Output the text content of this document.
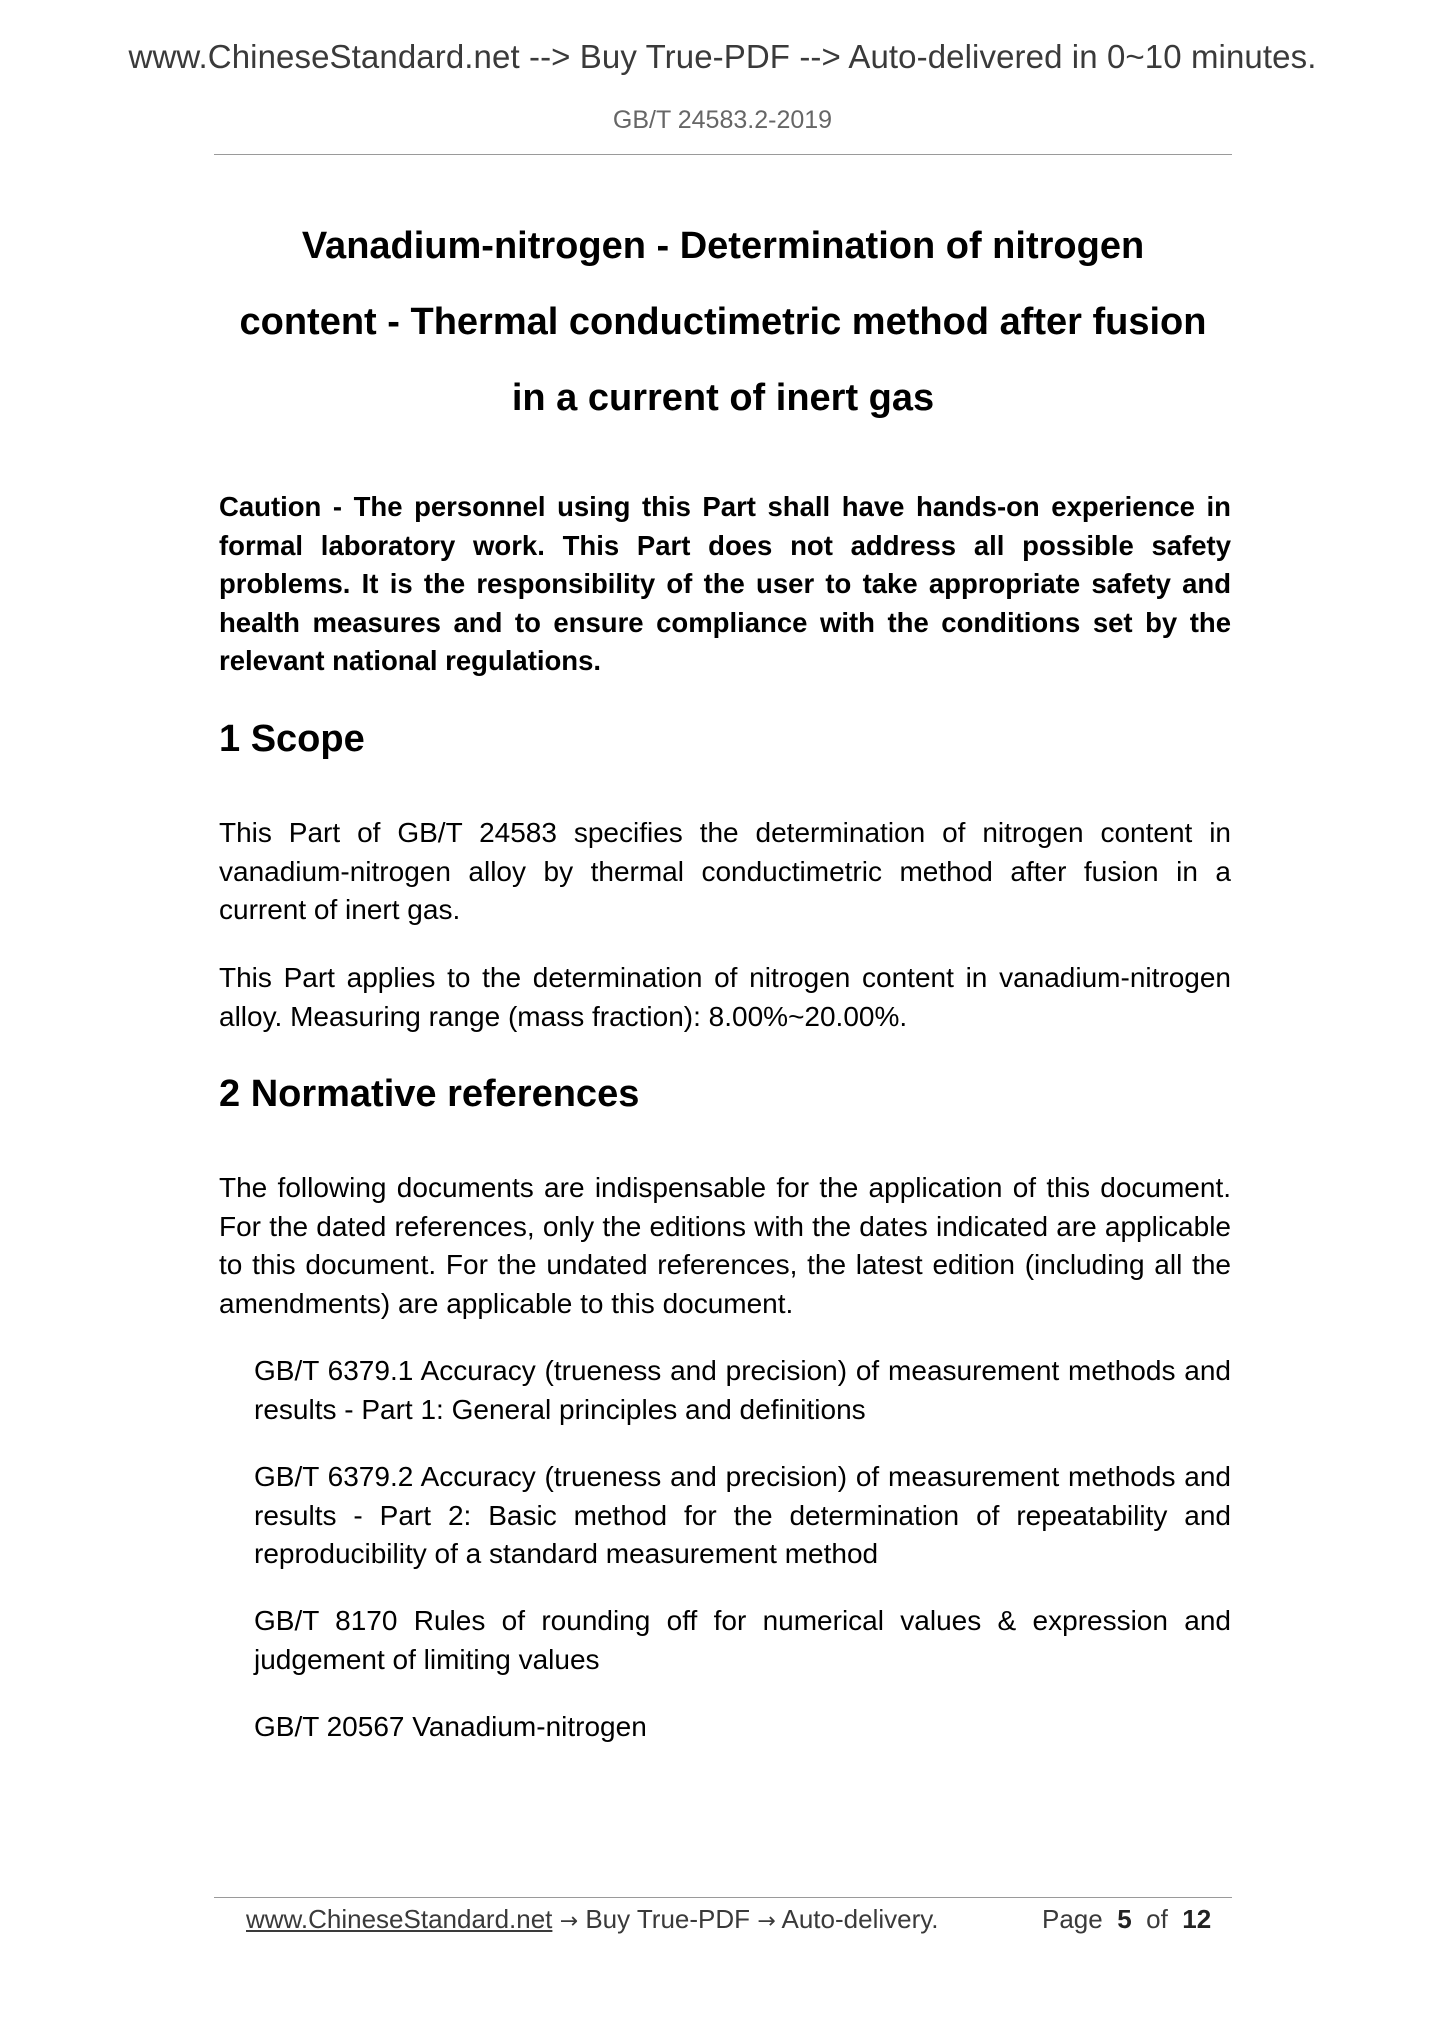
www.ChineseStandard.net --> Buy True-PDF --> Auto-delivered in 0~10 minutes.
GB/T 24583.2-2019
Vanadium-nitrogen - Determination of nitrogen
content - Thermal conductimetric method after fusion
in a current of inert gas

Caution - The personnel using this Part shall have hands-on experience in formal laboratory work. This Part does not address all possible safety problems. It is the responsibility of the user to take appropriate safety and health measures and to ensure compliance with the conditions set by the relevant national regulations.

1 Scope

This Part of GB/T 24583 specifies the determination of nitrogen content in vanadium-nitrogen alloy by thermal conductimetric method after fusion in a current of inert gas.

This Part applies to the determination of nitrogen content in vanadium-nitrogen alloy. Measuring range (mass fraction): 8.00%~20.00%.

2 Normative references

The following documents are indispensable for the application of this document. For the dated references, only the editions with the dates indicated are applicable to this document. For the undated references, the latest edition (including all the amendments) are applicable to this document.

GB/T 6379.1 Accuracy (trueness and precision) of measurement methods and results - Part 1: General principles and definitions

GB/T 6379.2 Accuracy (trueness and precision) of measurement methods and results - Part 2: Basic method for the determination of repeatability and reproducibility of a standard measurement method

GB/T 8170 Rules of rounding off for numerical values & expression and judgement of limiting values

GB/T 20567 Vanadium-nitrogen

www.ChineseStandard.net → Buy True-PDF → Auto-delivery.	Page 5 of 12
